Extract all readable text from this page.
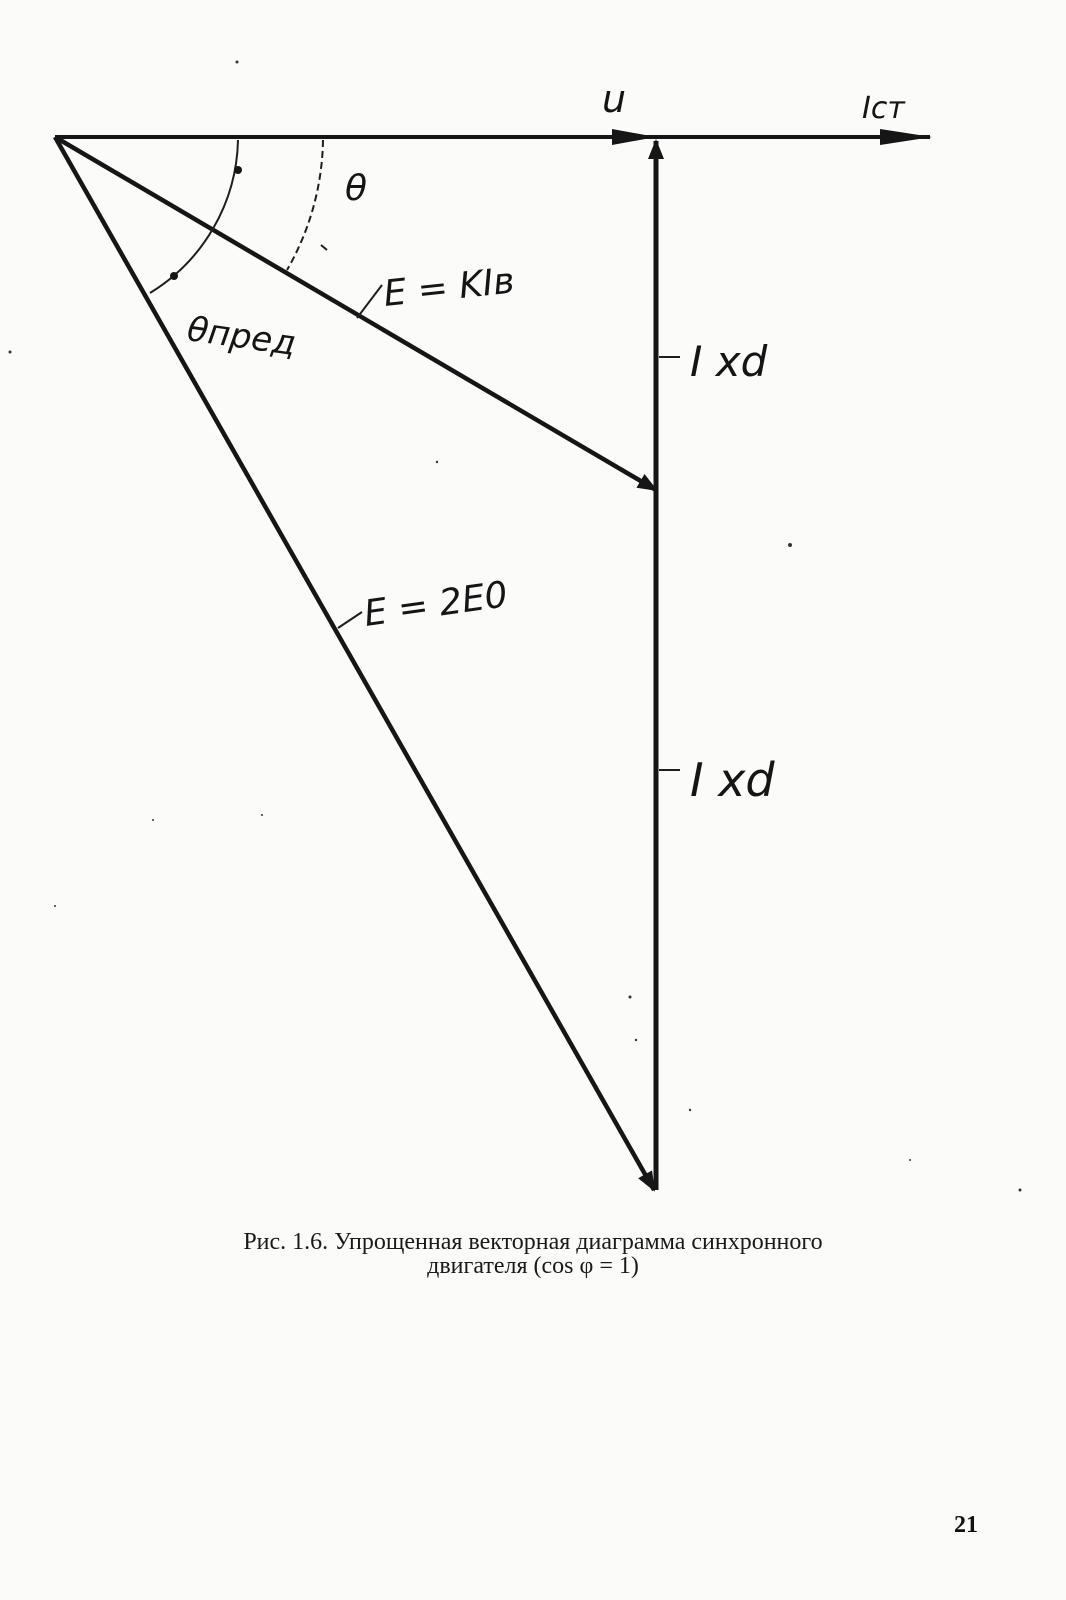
u	Iст
θ
θпред
E = KIв
I xd
I xd
E = 2E0
Рис. 1.6. Упрощенная векторная диаграмма синхронного
двигателя (cos φ = 1)
21
